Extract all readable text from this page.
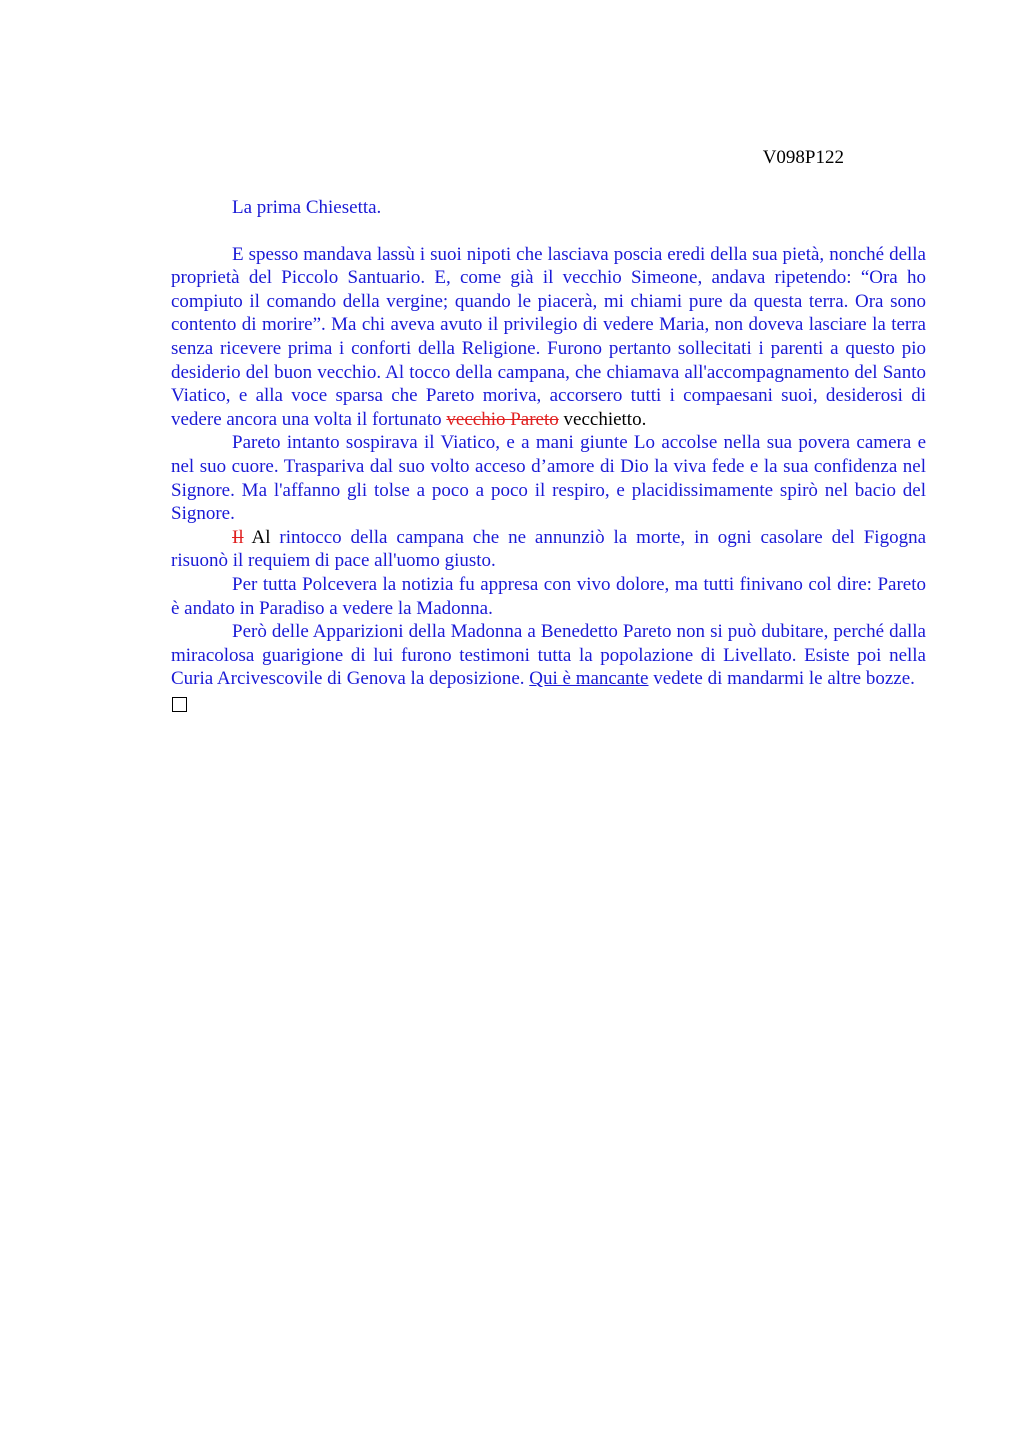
V098P122

La prima Chiesetta.

E spesso mandava lassù i suoi nipoti che lasciava poscia eredi della sua pietà, nonché della proprietà del Piccolo Santuario. E, come già il vecchio Simeone, andava ripetendo: “Ora ho compiuto il comando della vergine; quando le piacerà, mi chiami pure da questa terra. Ora sono contento di morire”. Ma chi aveva avuto il privilegio di vedere Maria, non doveva lasciare la terra senza ricevere prima i conforti della Religione. Furono pertanto sollecitati i parenti a questo pio desiderio del buon vecchio. Al tocco della campana, che chiamava all'accompagnamento del Santo Viatico, e alla voce sparsa che Pareto moriva, accorsero tutti i compaesani suoi, desiderosi di vedere ancora una volta il fortunato vecchio Pareto vecchietto.

Pareto intanto sospirava il Viatico, e a mani giunte Lo accolse nella sua povera camera e nel suo cuore. Traspariva dal suo volto acceso d’amore di Dio la viva fede e la sua confidenza nel Signore. Ma l'affanno gli tolse a poco a poco il respiro, e placidissimamente spirò nel bacio del Signore.

Il Al rintocco della campana che ne annunziò la morte, in ogni casolare del Figogna risuonò il requiem di pace all'uomo giusto.

Per tutta Polcevera la notizia fu appresa con vivo dolore, ma tutti finivano col dire: Pareto è andato in Paradiso a vedere la Madonna.

Però delle Apparizioni della Madonna a Benedetto Pareto non si può dubitare, perché dalla miracolosa guarigione di lui furono testimoni tutta la popolazione di Livellato. Esiste poi nella Curia Arcivescovile di Genova la deposizione. Qui è mancante vedete di mandarmi le altre bozze.
